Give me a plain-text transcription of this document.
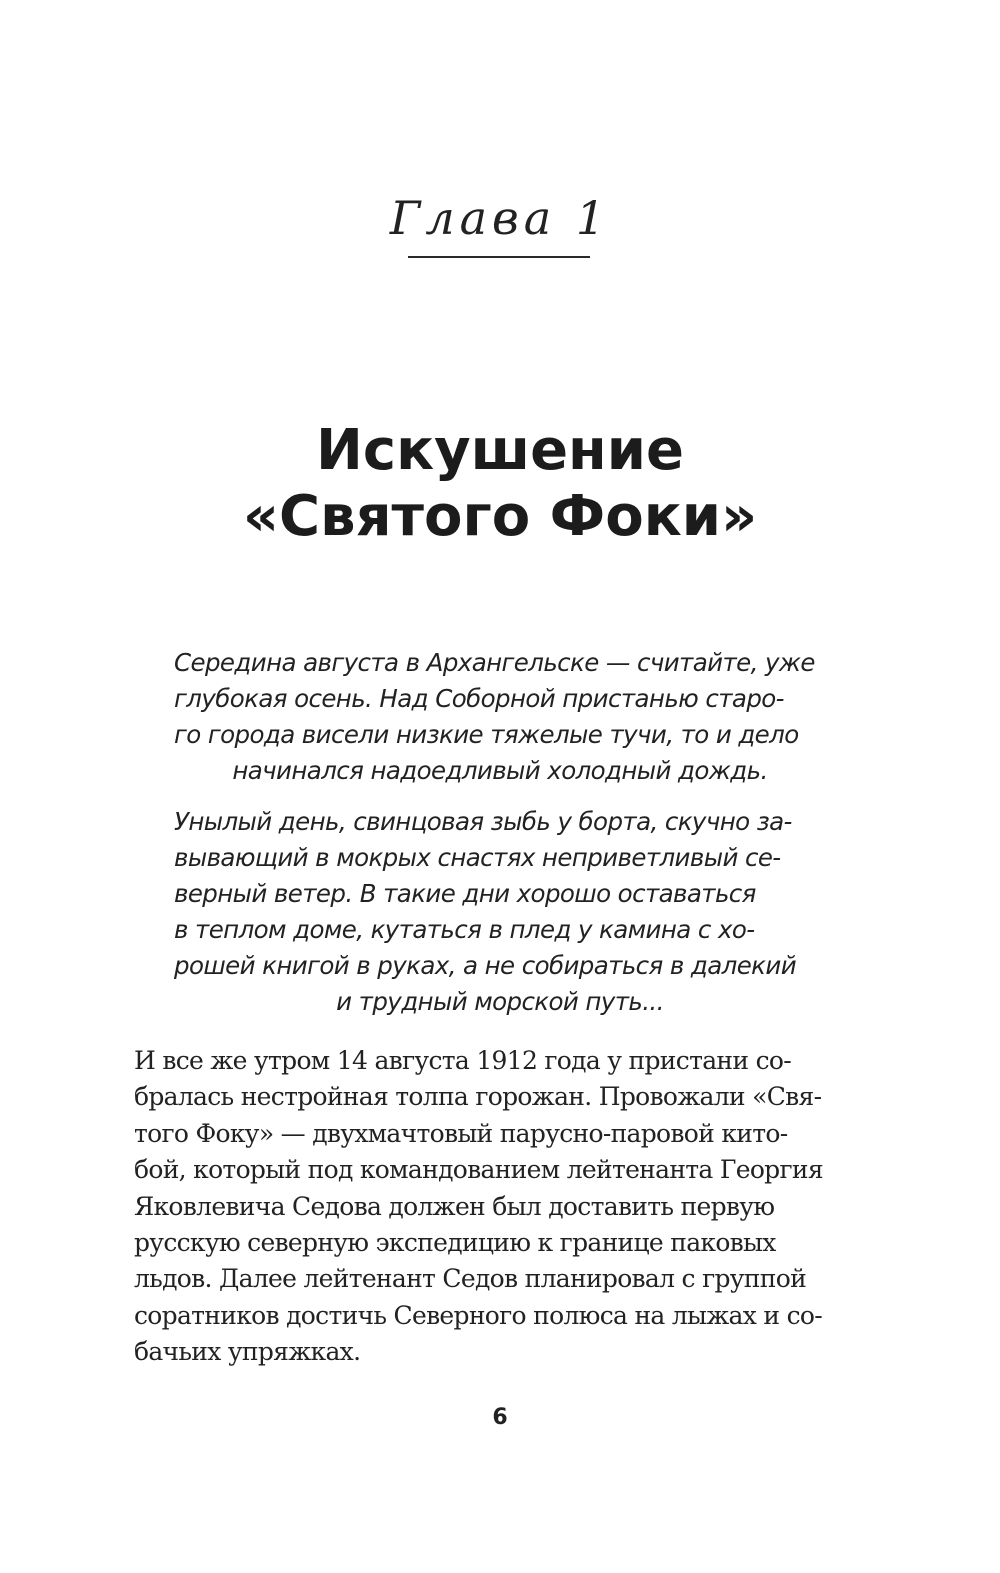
Глава 1
Искушение
«Святого Фоки»
Середина августа в Архангельске — считайте, уже
глубокая осень. Над Соборной пристанью старо-
го города висели низкие тяжелые тучи, то и дело
начинался надоедливый холодный дождь.
Унылый день, свинцовая зыбь у борта, скучно за-
вывающий в мокрых снастях неприветливый се-
верный ветер. В такие дни хорошо оставаться
в теплом доме, кутаться в плед у камина с хо-
рошей книгой в руках, а не собираться в далекий
и трудный морской путь...
И все же утром 14 августа 1912 года у пристани со-
бралась нестройная толпа горожан. Провожали «Свя-
того Фоку» — двухмачтовый парусно-паровой кито-
бой, который под командованием лейтенанта Георгия
Яковлевича Седова должен был доставить первую
русскую северную экспедицию к границе паковых
льдов. Далее лейтенант Седов планировал с группой
соратников достичь Северного полюса на лыжах и со-
бачьих упряжках.
6
